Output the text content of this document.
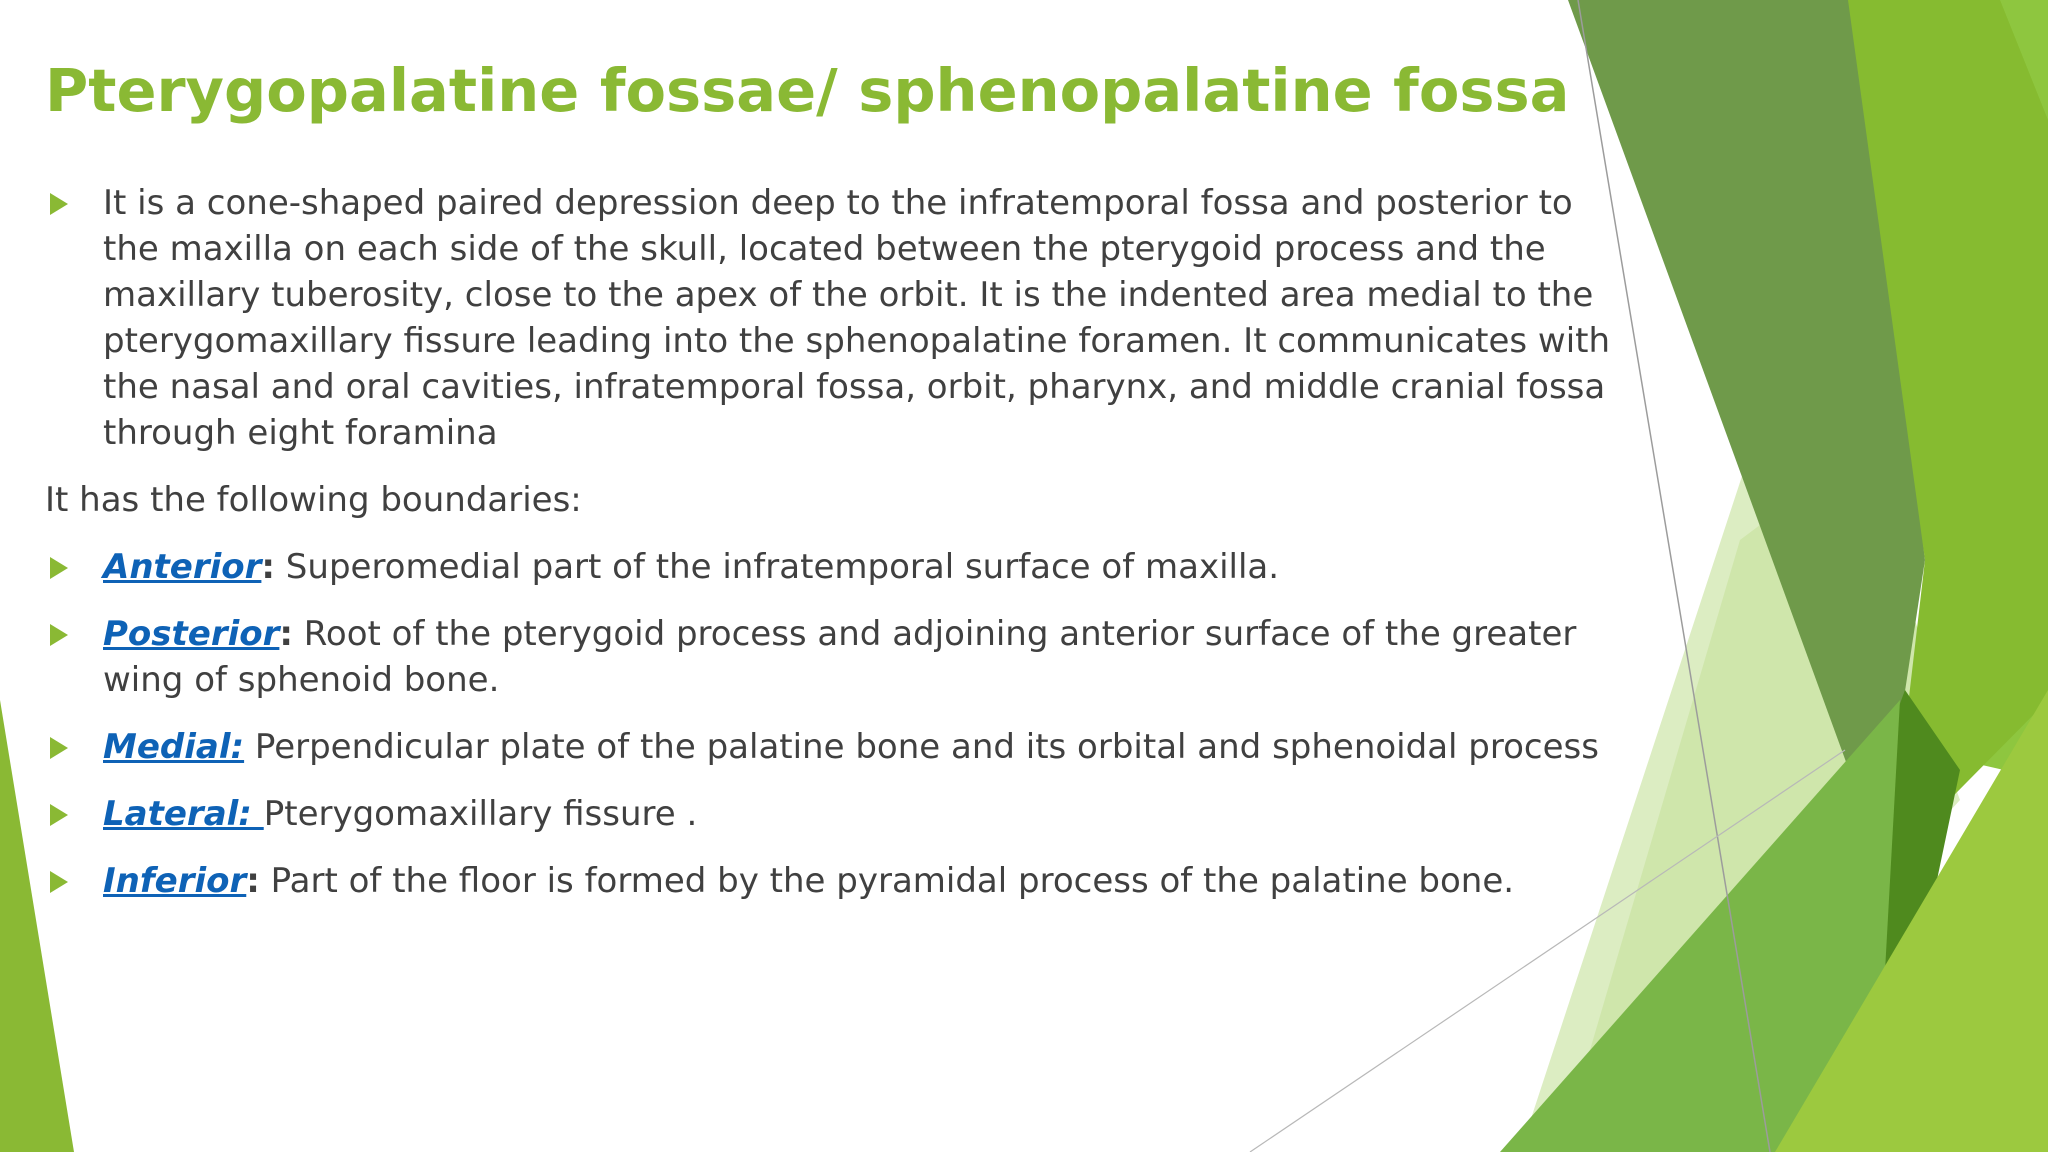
Pterygopalatine fossae/ sphenopalatine fossa
It is a cone-shaped paired depression deep to the infratemporal fossa and posterior to the maxilla on each side of the skull, located between the pterygoid process and the maxillary tuberosity, close to the apex of the orbit. It is the indented area medial to the pterygomaxillary fissure leading into the sphenopalatine foramen. It communicates with the nasal and oral cavities, infratemporal fossa, orbit, pharynx, and middle cranial fossa through eight foramina
It has the following boundaries:
Anterior: Superomedial part of the infratemporal surface of maxilla.
Posterior: Root of the pterygoid process and adjoining anterior surface of the greater wing of sphenoid bone.
Medial: Perpendicular plate of the palatine bone and its orbital and sphenoidal process
Lateral: Pterygomaxillary fissure .
Inferior: Part of the floor is formed by the pyramidal process of the palatine bone.
